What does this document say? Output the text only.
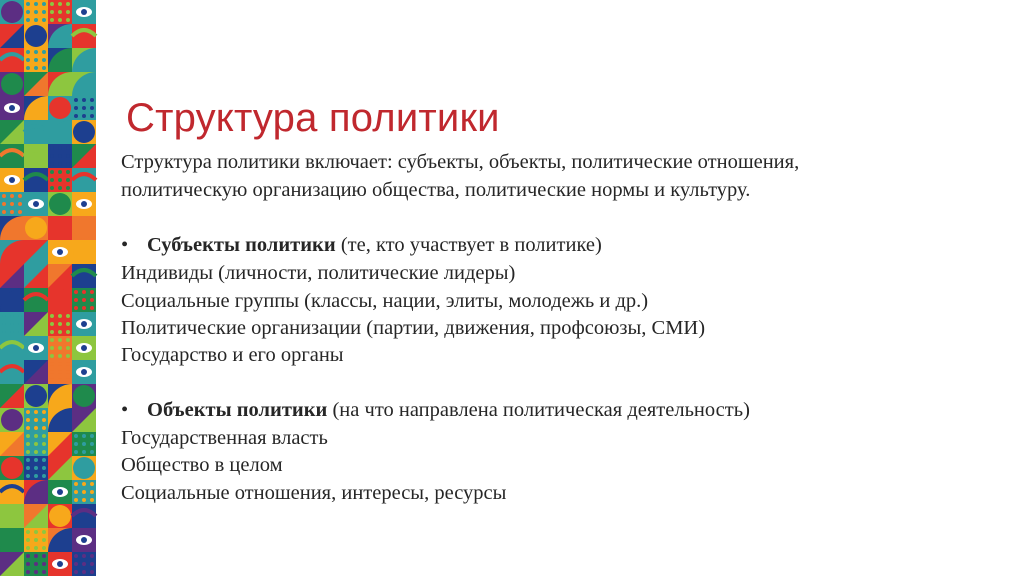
Структура политики
Структура политики включает: субъекты, объекты, политические отношения,
политическую организацию общества, политические нормы и культуру.
• Субъекты политики (те, кто участвует в политике)
Индивиды (личности, политические лидеры)
Социальные группы (классы, нации, элиты, молодежь и др.)
Политические организации (партии, движения, профсоюзы, СМИ)
Государство и его органы
• Объекты политики (на что направлена политическая деятельность)
Государственная власть
Общество в целом
Социальные отношения, интересы, ресурсы
